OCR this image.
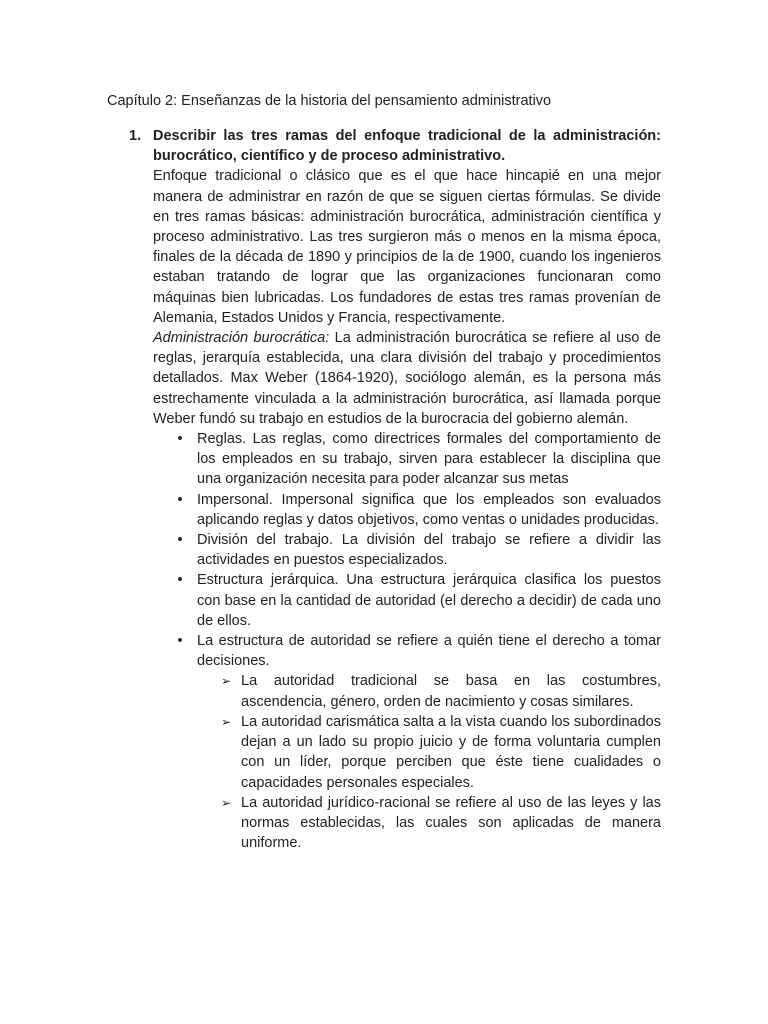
Capítulo 2: Enseñanzas de la historia del pensamiento administrativo
1. Describir las tres ramas del enfoque tradicional de la administración: burocrático, científico y de proceso administrativo.

Enfoque tradicional o clásico que es el que hace hincapié en una mejor manera de administrar en razón de que se siguen ciertas fórmulas. Se divide en tres ramas básicas: administración burocrática, administración científica y proceso administrativo. Las tres surgieron más o menos en la misma época, finales de la década de 1890 y principios de la de 1900, cuando los ingenieros estaban tratando de lograr que las organizaciones funcionaran como máquinas bien lubricadas. Los fundadores de estas tres ramas provenían de Alemania, Estados Unidos y Francia, respectivamente.

Administración burocrática: La administración burocrática se refiere al uso de reglas, jerarquía establecida, una clara división del trabajo y procedimientos detallados. Max Weber (1864-1920), sociólogo alemán, es la persona más estrechamente vinculada a la administración burocrática, así llamada porque Weber fundó su trabajo en estudios de la burocracia del gobierno alemán.

• Reglas. Las reglas, como directrices formales del comportamiento de los empleados en su trabajo, sirven para establecer la disciplina que una organización necesita para poder alcanzar sus metas
• Impersonal. Impersonal significa que los empleados son evaluados aplicando reglas y datos objetivos, como ventas o unidades producidas.
• División del trabajo. La división del trabajo se refiere a dividir las actividades en puestos especializados.
• Estructura jerárquica. Una estructura jerárquica clasifica los puestos con base en la cantidad de autoridad (el derecho a decidir) de cada uno de ellos.
• La estructura de autoridad se refiere a quién tiene el derecho a tomar decisiones.
➢ La autoridad tradicional se basa en las costumbres, ascendencia, género, orden de nacimiento y cosas similares.
➢ La autoridad carismática salta a la vista cuando los subordinados dejan a un lado su propio juicio y de forma voluntaria cumplen con un líder, porque perciben que éste tiene cualidades o capacidades personales especiales.
➢ La autoridad jurídico-racional se refiere al uso de las leyes y las normas establecidas, las cuales son aplicadas de manera uniforme.
